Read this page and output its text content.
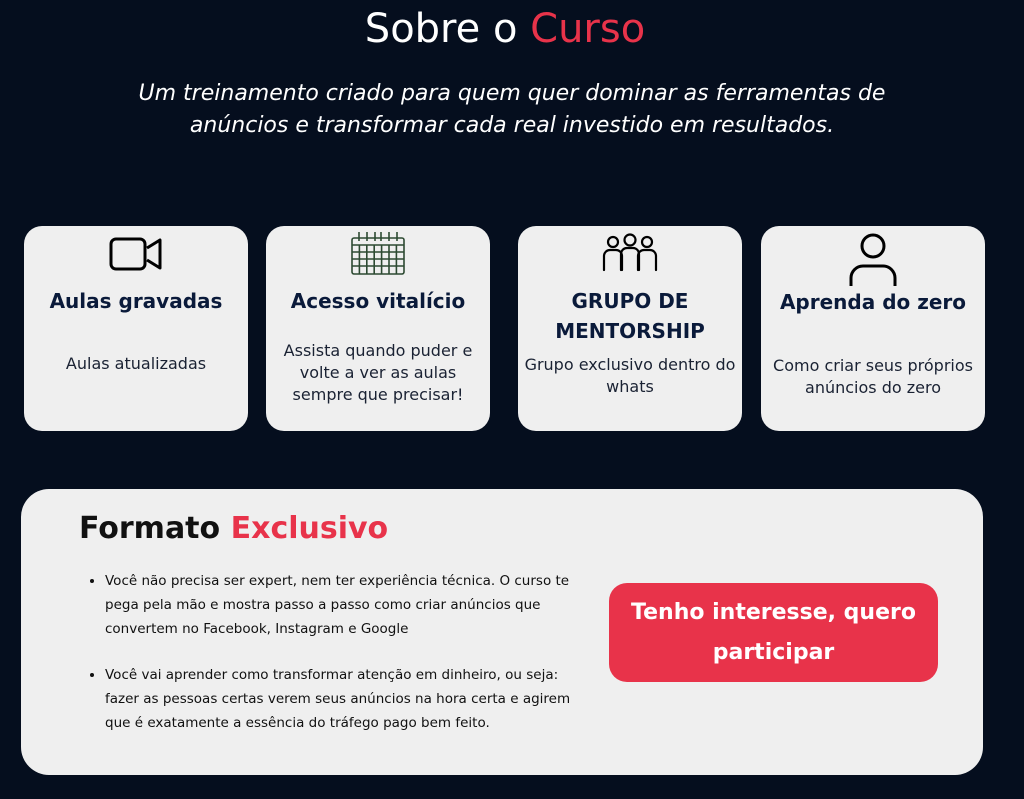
Sobre o Curso

Um treinamento criado para quem quer dominar as ferramentas de
anúncios e transformar cada real investido em resultados.

Aulas gravadas
Aulas atualizadas
Acesso vitalício
Assista quando puder e volte a ver as aulas sempre que precisar!
GRUPO DE MENTORSHIP
Grupo exclusivo dentro do whats
Aprenda do zero
Como criar seus próprios anúncios do zero
Formato Exclusivo
• Você não precisa ser expert, nem ter experiência técnica. O curso te pega pela mão e mostra passo a passo como criar anúncios que convertem no Facebook, Instagram e Google
• Você vai aprender como transformar atenção em dinheiro, ou seja: fazer as pessoas certas verem seus anúncios na hora certa e agirem que é exatamente a essência do tráfego pago bem feito.
Tenho interesse, quero participar
